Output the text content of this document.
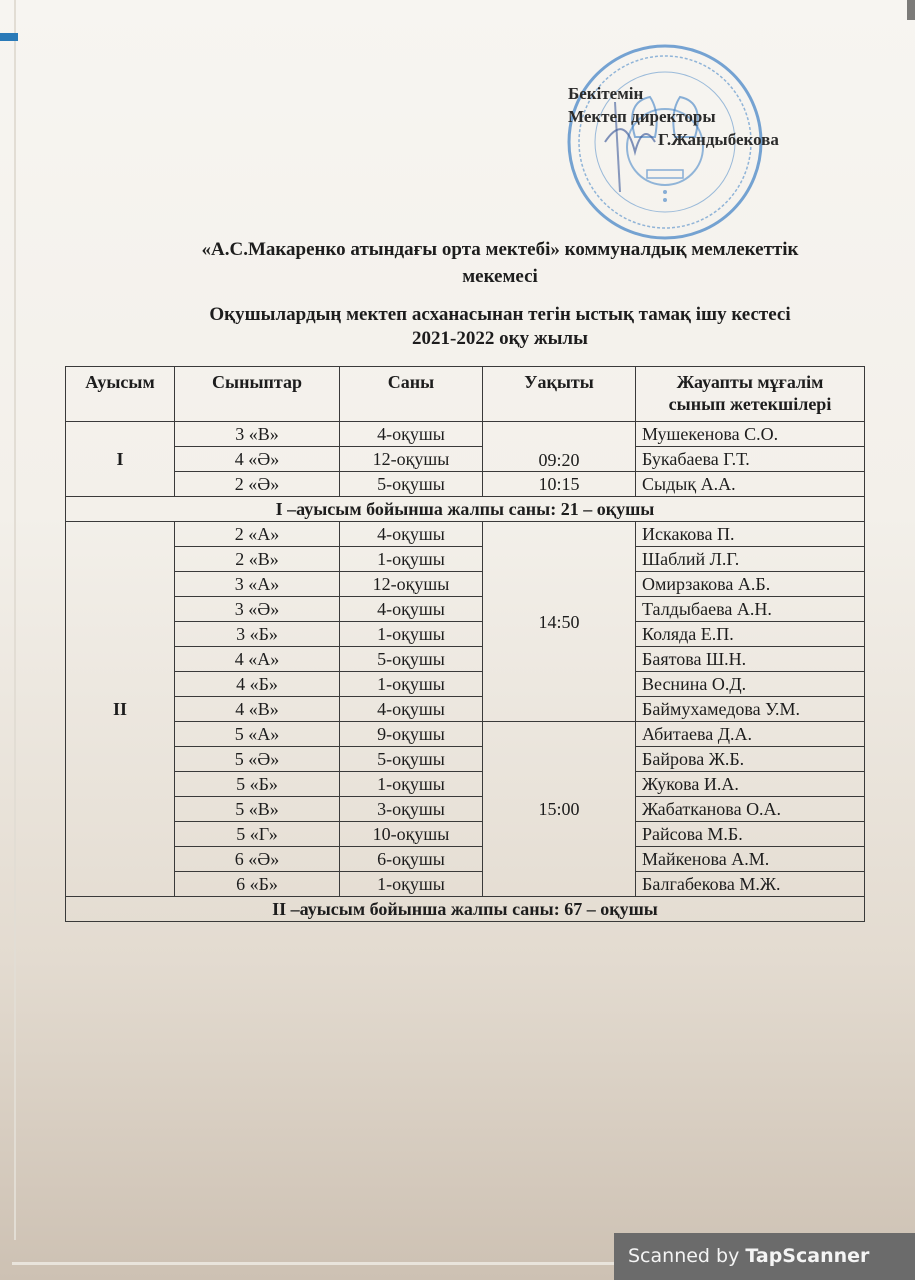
Бекітемін
Мектеп директоры
Г.Жандыбекова
«А.С.Макаренко атындағы орта мектебі» коммуналдық мемлекеттік
мекемесі
Оқушылардың мектеп асханасынан тегін ыстық тамақ ішу кестесі
2021-2022 оқу жылы
Ауысым	Сыныптар	Саны	Уақыты	Жауапты мұғалім
сынып жетекшілері

I	3 «В»	4-оқушы	09:20	Мушекенова С.О.
	4 «Ә»	12-оқушы		Букабаева Г.Т.
	2 «Ә»	5-оқушы	10:15	Сыдық А.А.
I –ауысым бойынша жалпы саны: 21 – оқушы				
II	2 «А»	4-оқушы	14:50	Искакова П.
	2 «В»	1-оқушы		Шаблий Л.Г.
	3 «А»	12-оқушы		Омирзакова А.Б.
	3 «Ә»	4-оқушы		Талдыбаева А.Н.
	3 «Б»	1-оқушы		Коляда Е.П.
	4 «А»	5-оқушы		Баятова Ш.Н.
	4 «Б»	1-оқушы		Веснина О.Д.
	4 «В»	4-оқушы		Баймухамедова У.М.
	5 «А»	9-оқушы	15:00	Абитаева Д.А.
	5 «Ә»	5-оқушы		Байрова Ж.Б.
	5 «Б»	1-оқушы		Жукова И.А.
	5 «В»	3-оқушы		Жабатканова О.А.
	5 «Г»	10-оқушы		Райсова М.Б.
	6 «Ә»	6-оқушы		Майкенова А.М.
	6 «Б»	1-оқушы		Балгабекова М.Ж.
II –ауысым бойынша жалпы саны: 67 – оқушы				
Scanned by TapScanner
